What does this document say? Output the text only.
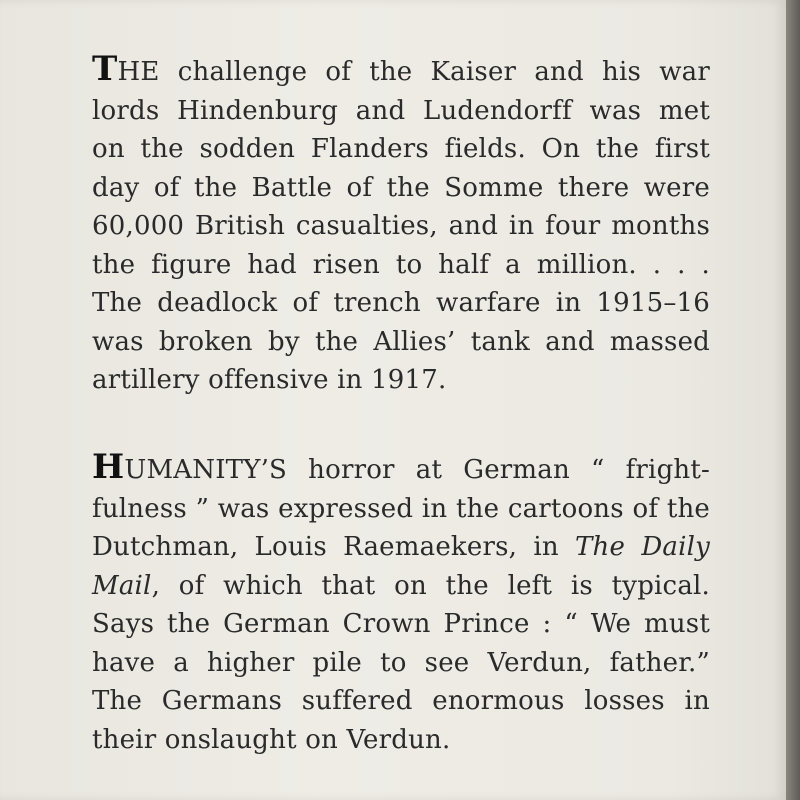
THE challenge of the Kaiser and his war
lords Hindenburg and Ludendorff was met
on the sodden Flanders fields. On the first
day of the Battle of the Somme there were
60,000 British casualties, and in four months
the figure had risen to half a million. . . .
The deadlock of trench warfare in 1915–16
was broken by the Allies’ tank and massed
artillery offensive in 1917.
HUMANITY’S horror at German “ fright-
fulness ” was expressed in the cartoons of the
Dutchman, Louis Raemaekers, in The Daily
Mail, of which that on the left is typical.
Says the German Crown Prince : “ We must
have a higher pile to see Verdun, father.”
The Germans suffered enormous losses in
their onslaught on Verdun.
